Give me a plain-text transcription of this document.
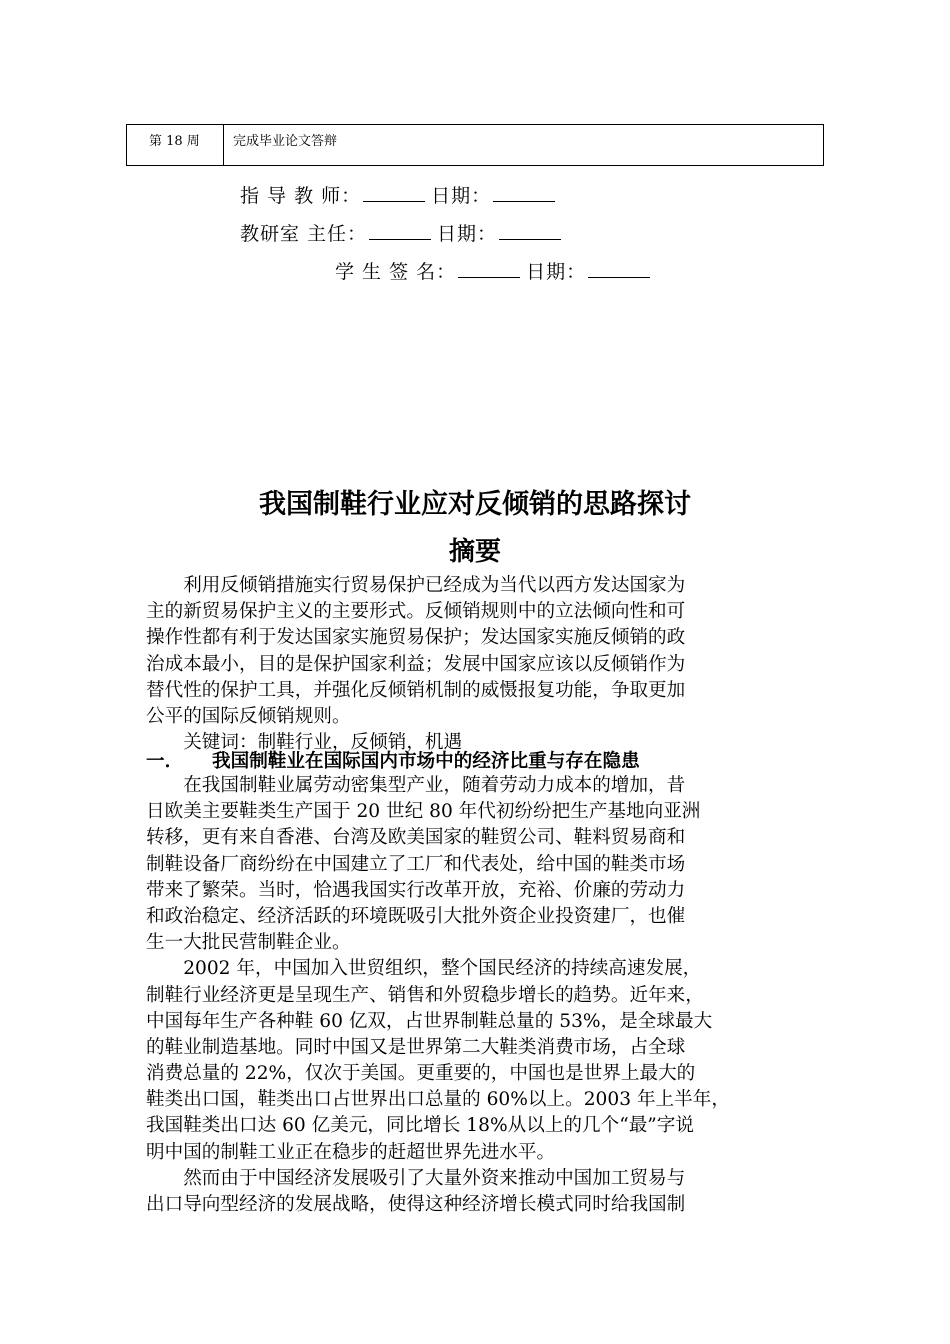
第 18 周	完成毕业论文答辩
指 导 教 师：	日期：
教研室 主任：	日期：
学 生 签 名：	日期：
我国制鞋行业应对反倾销的思路探讨
摘要
　　利用反倾销措施实行贸易保护已经成为当代以西方发达国家为
主的新贸易保护主义的主要形式。反倾销规则中的立法倾向性和可
操作性都有利于发达国家实施贸易保护；发达国家实施反倾销的政
治成本最小，目的是保护国家利益；发展中国家应该以反倾销作为
替代性的保护工具，并强化反倾销机制的威慑报复功能，争取更加
公平的国际反倾销规则。
　　关键词：制鞋行业，反倾销，机遇
一． 我国制鞋业在国际国内市场中的经济比重与存在隐患
　　在我国制鞋业属劳动密集型产业，随着劳动力成本的增加，昔
日欧美主要鞋类生产国于 20 世纪 80 年代初纷纷把生产基地向亚洲
转移，更有来自香港、台湾及欧美国家的鞋贸公司、鞋料贸易商和
制鞋设备厂商纷纷在中国建立了工厂和代表处，给中国的鞋类市场
带来了繁荣。当时，恰遇我国实行改革开放，充裕、价廉的劳动力
和政治稳定、经济活跃的环境既吸引大批外资企业投资建厂，也催
生一大批民营制鞋企业。
　　2002 年，中国加入世贸组织，整个国民经济的持续高速发展，
制鞋行业经济更是呈现生产、销售和外贸稳步增长的趋势。近年来，
中国每年生产各种鞋 60 亿双，占世界制鞋总量的 53%，是全球最大
的鞋业制造基地。同时中国又是世界第二大鞋类消费市场，占全球
消费总量的 22%，仅次于美国。更重要的，中国也是世界上最大的
鞋类出口国，鞋类出口占世界出口总量的 60%以上。2003 年上半年，
我国鞋类出口达 60 亿美元，同比增长 18%从以上的几个“最”字说
明中国的制鞋工业正在稳步的赶超世界先进水平。
　　然而由于中国经济发展吸引了大量外资来推动中国加工贸易与
出口导向型经济的发展战略，使得这种经济增长模式同时给我国制
